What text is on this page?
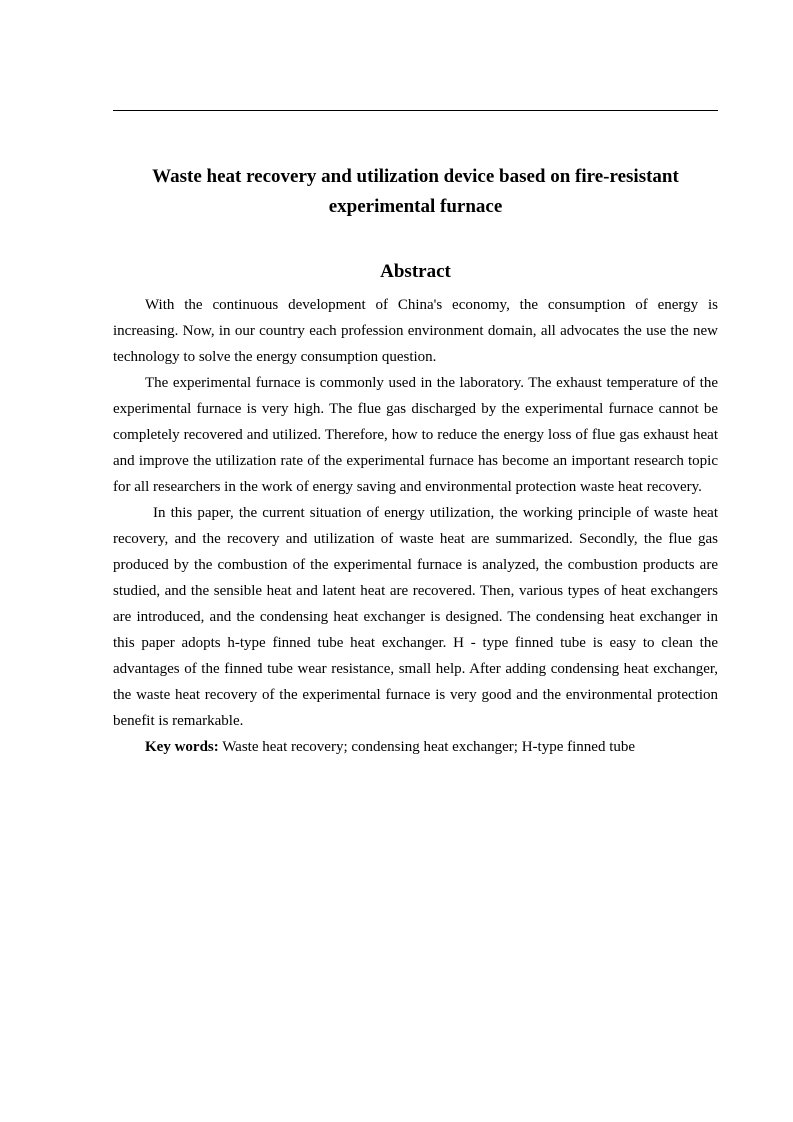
Waste heat recovery and utilization device based on fire-resistant
experimental furnace
Abstract

With the continuous development of China's economy, the consumption of energy is increasing. Now, in our country each profession environment domain, all advocates the use the new technology to solve the energy consumption question.

The experimental furnace is commonly used in the laboratory. The exhaust temperature of the experimental furnace is very high. The flue gas discharged by the experimental furnace cannot be completely recovered and utilized. Therefore, how to reduce the energy loss of flue gas exhaust heat and improve the utilization rate of the experimental furnace has become an important research topic for all researchers in the work of energy saving and environmental protection waste heat recovery.

In this paper, the current situation of energy utilization, the working principle of waste heat recovery, and the recovery and utilization of waste heat are summarized. Secondly, the flue gas produced by the combustion of the experimental furnace is analyzed, the combustion products are studied, and the sensible heat and latent heat are recovered. Then, various types of heat exchangers are introduced, and the condensing heat exchanger is designed. The condensing heat exchanger in this paper adopts h-type finned tube heat exchanger. H - type finned tube is easy to clean the advantages of the finned tube wear resistance, small help. After adding condensing heat exchanger, the waste heat recovery of the experimental furnace is very good and the environmental protection benefit is remarkable.

Key words: Waste heat recovery; condensing heat exchanger; H-type finned tube
